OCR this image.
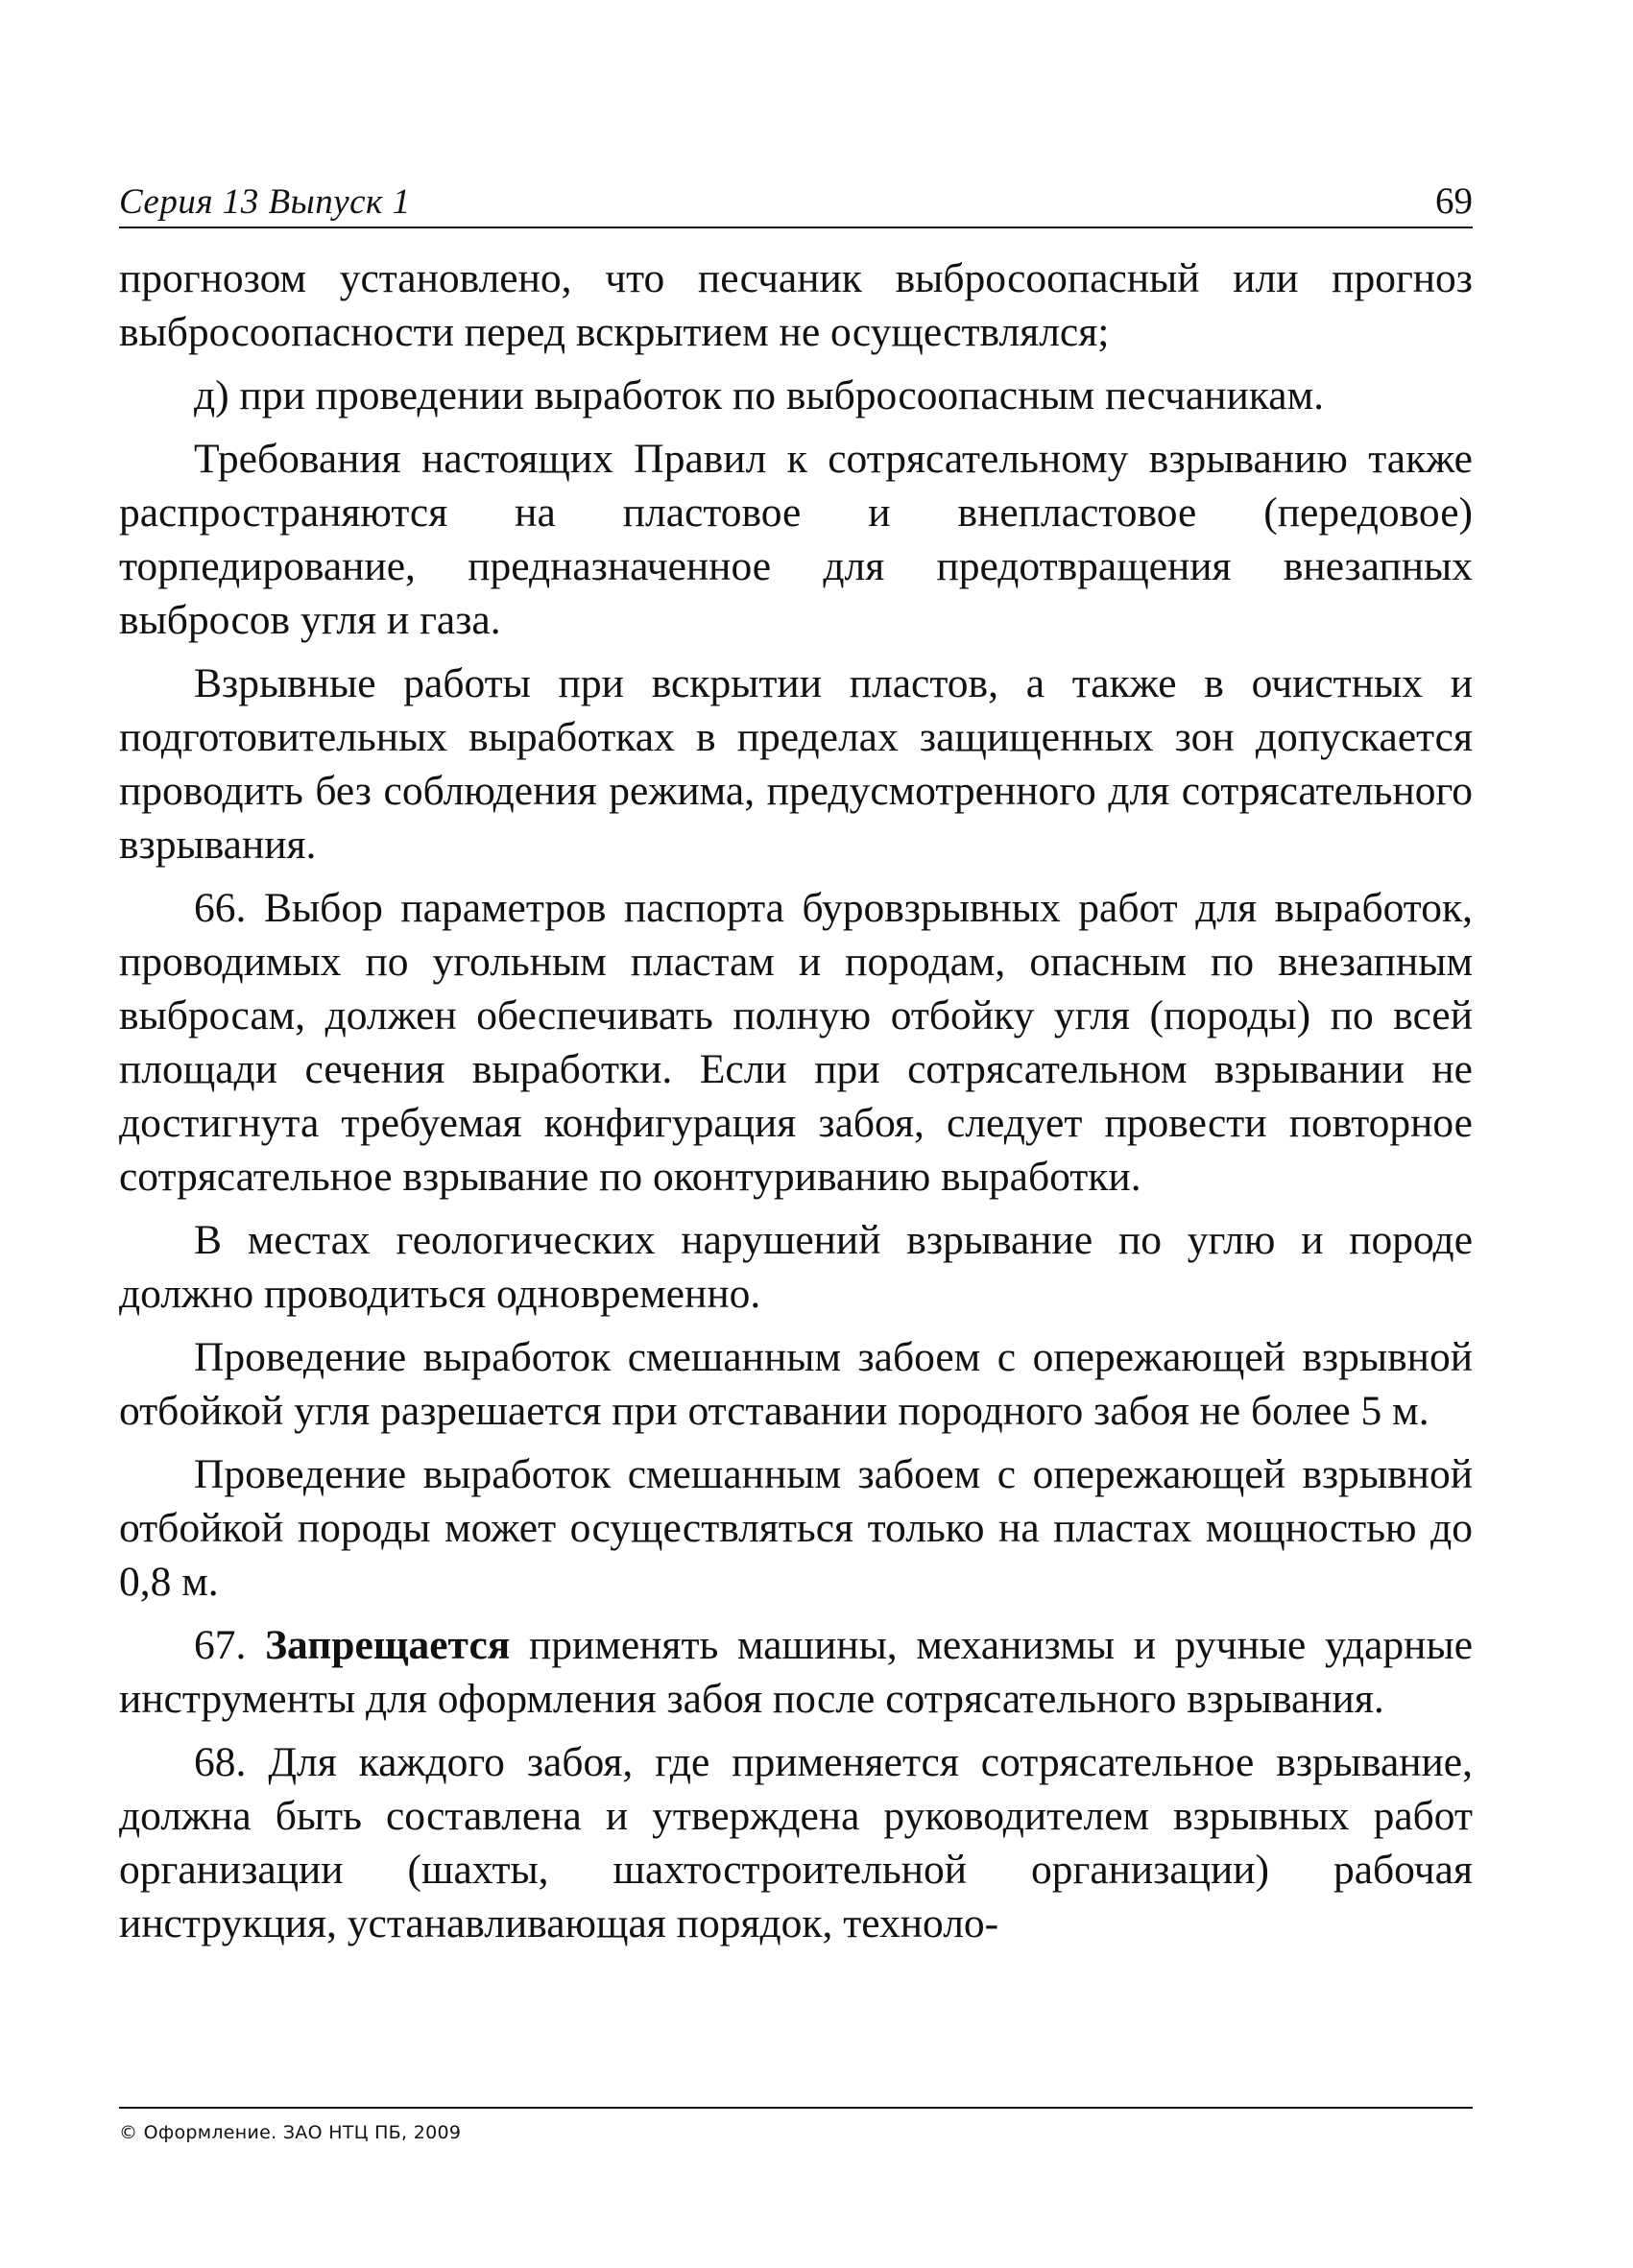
Серия 13 Выпуск 1	69

прогнозом установлено, что песчаник выбросоопасный или прогноз выбросоопасности перед вскрытием не осуществлялся;

д) при проведении выработок по выбросоопасным песчаникам.

Требования настоящих Правил к сотрясательному взрыванию также распространяются на пластовое и внепластовое (передовое) торпедирование, предназначенное для предотвращения внезапных выбросов угля и газа.

Взрывные работы при вскрытии пластов, а также в очистных и подготовительных выработках в пределах защищенных зон допускается проводить без соблюдения режима, предусмотренного для сотрясательного взрывания.

66. Выбор параметров паспорта буровзрывных работ для выработок, проводимых по угольным пластам и породам, опасным по внезапным выбросам, должен обеспечивать полную отбойку угля (породы) по всей площади сечения выработки. Если при сотрясательном взрывании не достигнута требуемая конфигурация забоя, следует провести повторное сотрясательное взрывание по оконтуриванию выработки.

В местах геологических нарушений взрывание по углю и породе должно проводиться одновременно.

Проведение выработок смешанным забоем с опережающей взрывной отбойкой угля разрешается при отставании породного забоя не более 5 м.

Проведение выработок смешанным забоем с опережающей взрывной отбойкой породы может осуществляться только на пластах мощностью до 0,8 м.

67. Запрещается применять машины, механизмы и ручные ударные инструменты для оформления забоя после сотрясательного взрывания.

68. Для каждого забоя, где применяется сотрясательное взрывание, должна быть составлена и утверждена руководителем взрывных работ организации (шахты, шахтостроительной организации) рабочая инструкция, устанавливающая порядок, техноло-

© Оформление. ЗАО НТЦ ПБ, 2009
